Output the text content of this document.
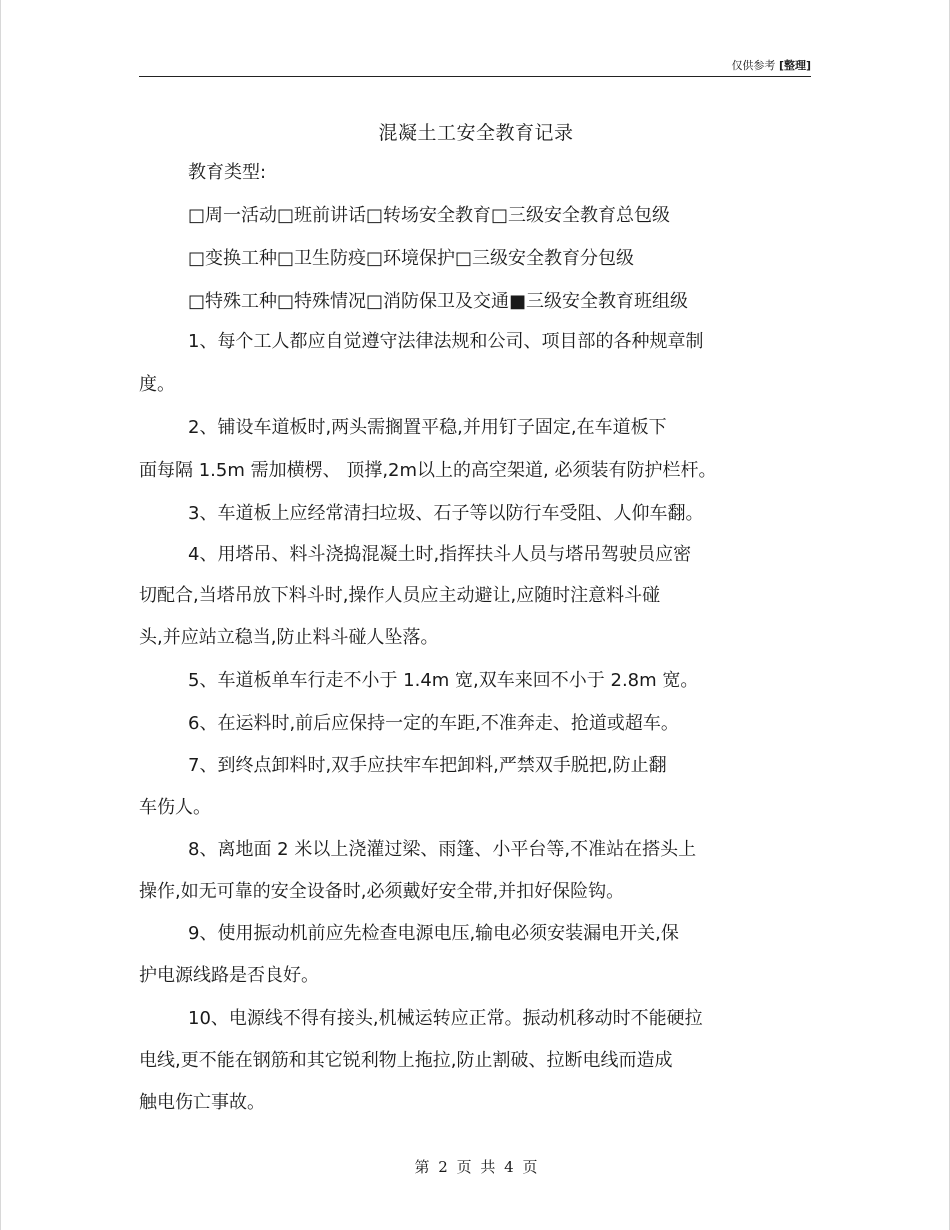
仅供参考 [整理]
混凝土工安全教育记录
教育类型:
□周一活动□班前讲话□转场安全教育□三级安全教育总包级
□变换工种□卫生防疫□环境保护□三级安全教育分包级
□特殊工种□特殊情况□消防保卫及交通■三级安全教育班组级
1、每个工人都应自觉遵守法律法规和公司、项目部的各种规章制
度。
2、铺设车道板时,两头需搁置平稳,并用钉子固定,在车道板下
面每隔 1.5m 需加横楞、 顶撑,2m以上的高空架道, 必须装有防护栏杆。
3、车道板上应经常清扫垃圾、石子等以防行车受阻、人仰车翻。
4、用塔吊、料斗浇捣混凝土时,指挥扶斗人员与塔吊驾驶员应密
切配合,当塔吊放下料斗时,操作人员应主动避让,应随时注意料斗碰
头,并应站立稳当,防止料斗碰人坠落。
5、车道板单车行走不小于 1.4m 宽,双车来回不小于 2.8m 宽。
6、在运料时,前后应保持一定的车距,不准奔走、抢道或超车。
7、到终点卸料时,双手应扶牢车把卸料,严禁双手脱把,防止翻
车伤人。
8、离地面 2 米以上浇灌过梁、雨篷、小平台等,不准站在搭头上
操作,如无可靠的安全设备时,必须戴好安全带,并扣好保险钩。
9、使用振动机前应先检查电源电压,输电必须安装漏电开关,保
护电源线路是否良好。
10、电源线不得有接头,机械运转应正常。振动机移动时不能硬拉
电线,更不能在钢筋和其它锐利物上拖拉,防止割破、拉断电线而造成
触电伤亡事故。
第 2 页 共 4 页
